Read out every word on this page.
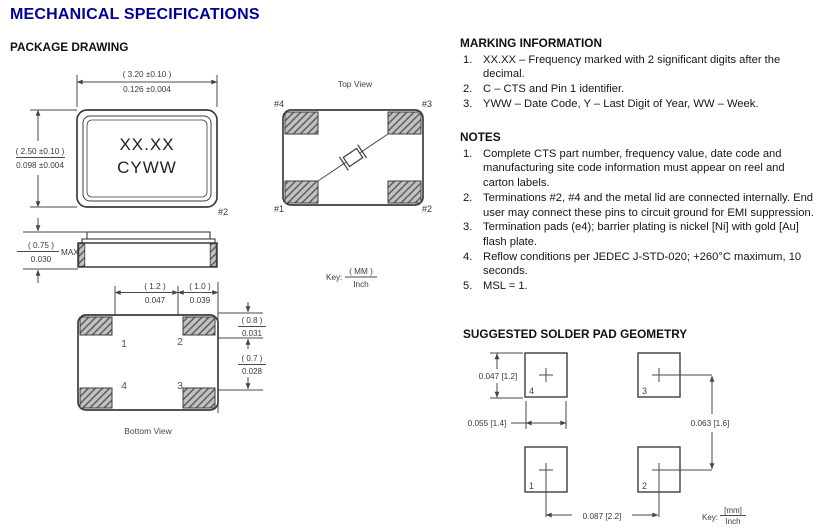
MECHANICAL SPECIFICATIONS
PACKAGE DRAWING
( 3.20 ±0.10 )
0.126 ±0.004
( 2.50 ±0.10 )
0.098 ±0.004
XX.XX
CYWW
#2
( 0.75 )
0.030
MAX
Key:
( MM )
Inch
Top View
#4	#3
#1	#2
( 1.2 )
0.047
( 1.0 )
0.039
1	2
4	3
( 0.8 )
0.031
( 0.7 )
0.028
Bottom View
MARKING INFORMATION
1. XX.XX – Frequency marked with 2 significant digits after the decimal.
2. C – CTS and Pin 1 identifier.
3. YWW – Date Code, Y – Last Digit of Year, WW – Week.
NOTES
1. Complete CTS part number, frequency value, date code and manufacturing site code information must appear on reel and carton labels.
2. Terminations #2, #4 and the metal lid are connected internally. End user may connect these pins to circuit ground for EMI suppression.
3. Termination pads (e4); barrier plating is nickel [Ni] with gold [Au] flash plate.
4. Reflow conditions per JEDEC J-STD-020; +260°C maximum, 10 seconds.
5. MSL = 1.
SUGGESTED SOLDER PAD GEOMETRY
4	3
1	2
0.047 [1.2]
0.055 [1.4]	0.063 [1.6]
0.087 [2.2]	Key:
[mm]
Inch
